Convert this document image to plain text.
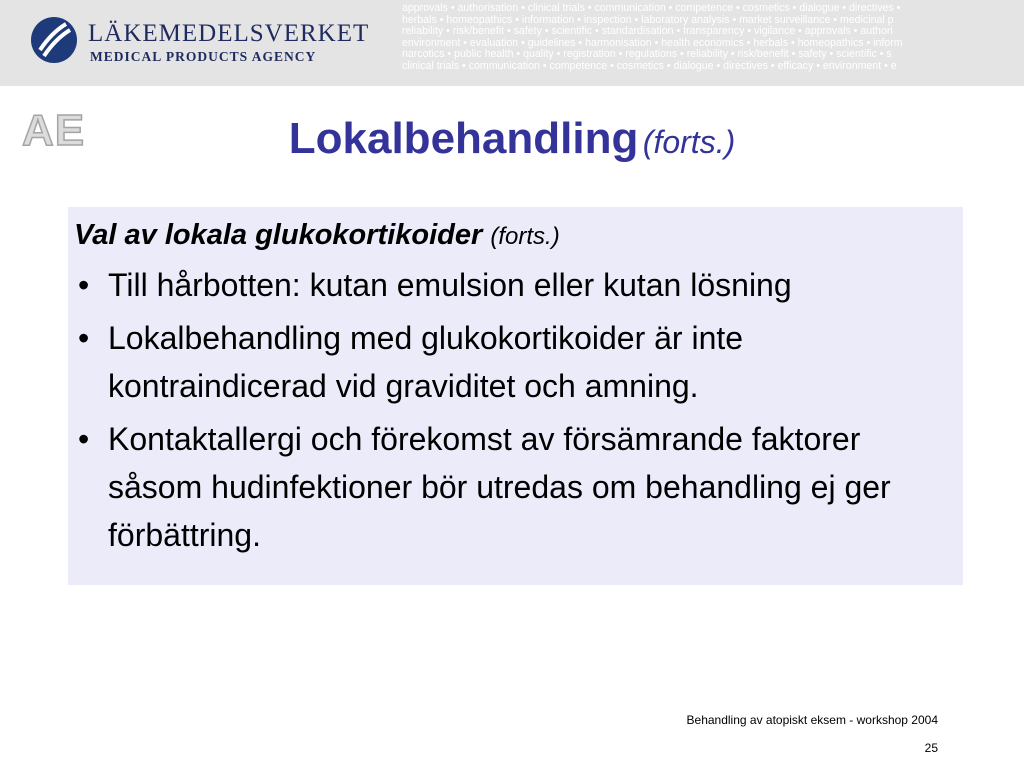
LÄKEMEDELSVERKET
MEDICAL PRODUCTS AGENCY
approvals • authorisation • clinical trials • communication • competence • cosmetics • dialogue • directives •
herbals • homeopathics • information • inspection • laboratory analysis • market surveillance • medicinal p
reliability • risk/benefit • safety • scientific • standardisation • transparency • vigilance • approvals • authori
environment • evaluation • guidelines • harmonisation • health economics • herbals • homeopathics • inform
narcotics • public health • quality • registration • regulations • reliability • risk/benefit • safety • scientific • s
clinical trials • communication • competence • cosmetics • dialogue • directives • efficacy • environment • e
AE	Lokalbehandling (forts.)
Val av lokala glukokortikoider (forts.)
• Till hårbotten: kutan emulsion eller kutan lösning
• Lokalbehandling med glukokortikoider är inte kontraindicerad vid graviditet och amning.
• Kontaktallergi och förekomst av försämrande faktorer såsom hudinfektioner bör utredas om behandling ej ger förbättring.
Behandling av atopiskt eksem - workshop 2004
25
